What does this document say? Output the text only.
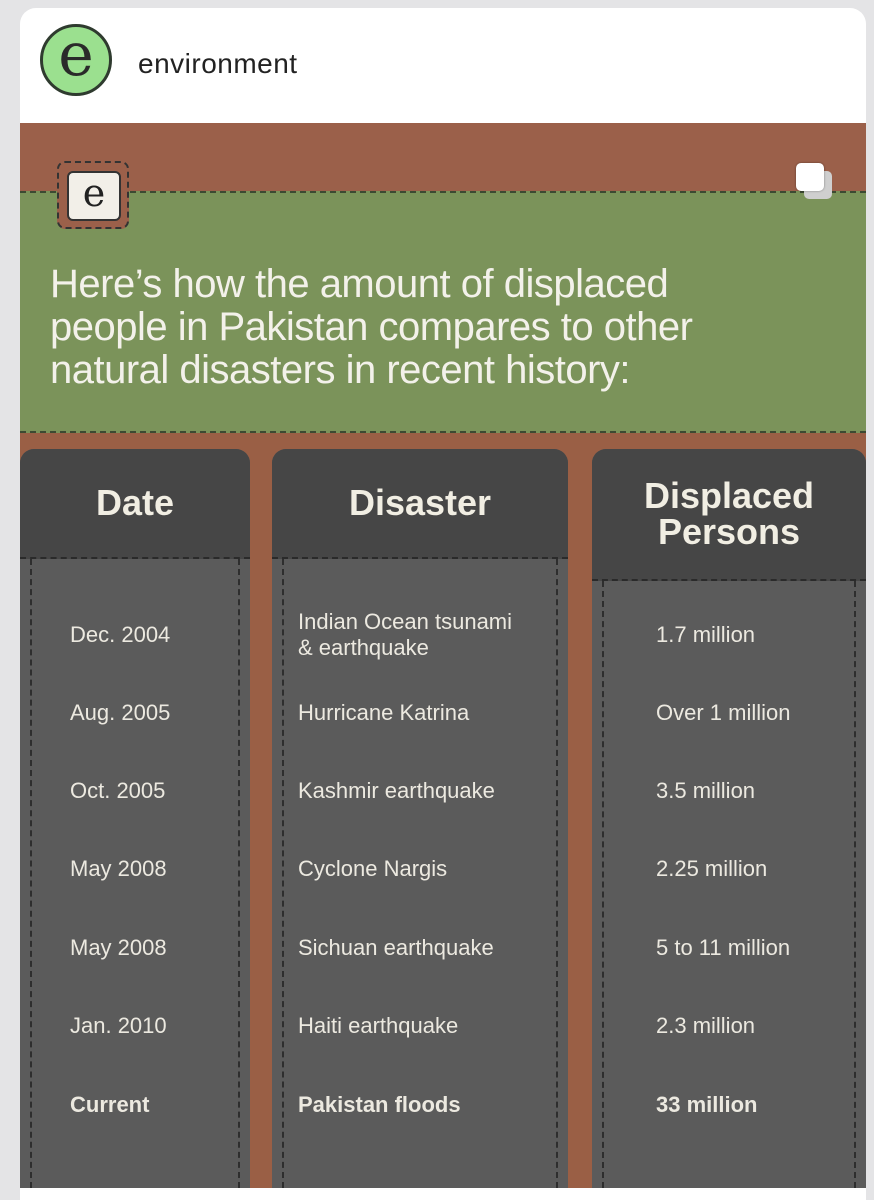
e environment
e
Here’s how the amount of displaced
people in Pakistan compares to other
natural disasters in recent history:
Date
Dec. 2004
Aug. 2005
Oct. 2005
May 2008
May 2008
Jan. 2010
Current
Disaster
Indian Ocean tsunami
& earthquake
Hurricane Katrina
Kashmir earthquake
Cyclone Nargis
Sichuan earthquake
Haiti earthquake
Pakistan floods
Displaced
Persons
1.7 million
Over 1 million
3.5 million
2.25 million
5 to 11 million
2.3 million
33 million
